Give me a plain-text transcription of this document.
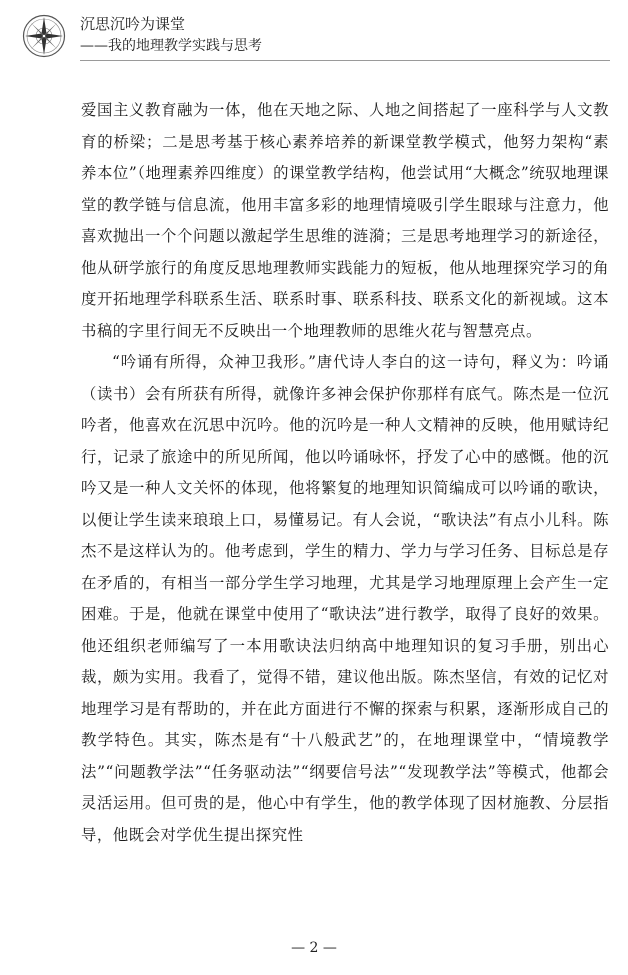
沉思沉吟为课堂
——我的地理教学实践与思考

爱国主义教育融为一体，他在天地之际、人地之间搭起了一座科学与人文教育的桥梁；二是思考基于核心素养培养的新课堂教学模式，他努力架构“素养本位”（地理素养四维度）的课堂教学结构，他尝试用“大概念”统驭地理课堂的教学链与信息流，他用丰富多彩的地理情境吸引学生眼球与注意力，他喜欢抛出一个个问题以激起学生思维的涟漪；三是思考地理学习的新途径，他从研学旅行的角度反思地理教师实践能力的短板，他从地理探究学习的角度开拓地理学科联系生活、联系时事、联系科技、联系文化的新视域。这本书稿的字里行间无不反映出一个地理教师的思维火花与智慧亮点。

“吟诵有所得，众神卫我形。”唐代诗人李白的这一诗句，释义为：吟诵（读书）会有所获有所得，就像许多神会保护你那样有底气。陈杰是一位沉吟者，他喜欢在沉思中沉吟。他的沉吟是一种人文精神的反映，他用赋诗纪行，记录了旅途中的所见所闻，他以吟诵咏怀，抒发了心中的感慨。他的沉吟又是一种人文关怀的体现，他将繁复的地理知识简编成可以吟诵的歌诀，以便让学生读来琅琅上口，易懂易记。有人会说，“歌诀法”有点小儿科。陈杰不是这样认为的。他考虑到，学生的精力、学力与学习任务、目标总是存在矛盾的，有相当一部分学生学习地理，尤其是学习地理原理上会产生一定困难。于是，他就在课堂中使用了“歌诀法”进行教学，取得了良好的效果。他还组织老师编写了一本用歌诀法归纳高中地理知识的复习手册，别出心裁，颇为实用。我看了，觉得不错，建议他出版。陈杰坚信，有效的记忆对地理学习是有帮助的，并在此方面进行不懈的探索与积累，逐渐形成自己的教学特色。其实，陈杰是有“十八般武艺”的，在地理课堂中，“情境教学法”“问题教学法”“任务驱动法”“纲要信号法”“发现教学法”等模式，他都会灵活运用。但可贵的是，他心中有学生，他的教学体现了因材施教、分层指导，他既会对学优生提出探究性

— 2 —
